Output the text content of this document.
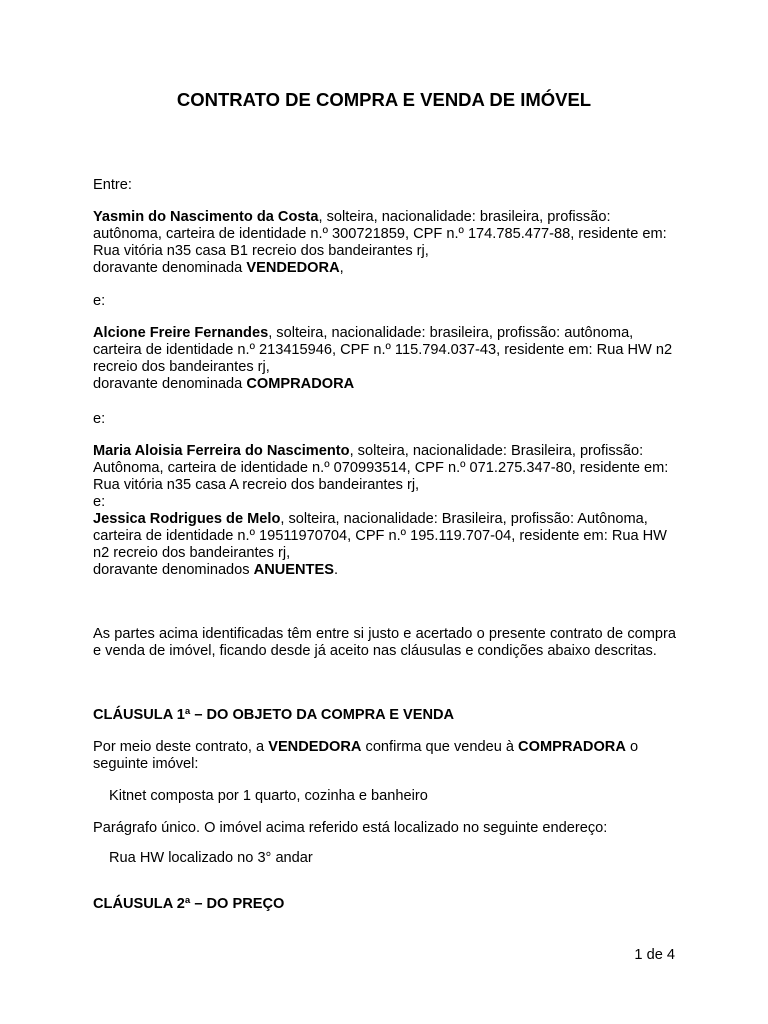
CONTRATO DE COMPRA E VENDA DE IMÓVEL

Entre:

Yasmin do Nascimento da Costa, solteira, nacionalidade: brasileira, profissão: autônoma, carteira de identidade n.º 300721859, CPF n.º 174.785.477-88, residente em: Rua vitória n35 casa B1 recreio dos bandeirantes rj,
doravante denominada VENDEDORA,

e:

Alcione Freire Fernandes, solteira, nacionalidade: brasileira, profissão: autônoma, carteira de identidade n.º 213415946, CPF n.º 115.794.037-43, residente em: Rua HW n2 recreio dos bandeirantes rj,
doravante denominada COMPRADORA

e:

Maria Aloisia Ferreira do Nascimento, solteira, nacionalidade: Brasileira, profissão: Autônoma, carteira de identidade n.º 070993514, CPF n.º 071.275.347-80, residente em: Rua vitória n35 casa A recreio dos bandeirantes rj,
e:
Jessica Rodrigues de Melo, solteira, nacionalidade: Brasileira, profissão: Autônoma, carteira de identidade n.º 19511970704, CPF n.º 195.119.707-04, residente em: Rua HW n2 recreio dos bandeirantes rj,
doravante denominados ANUENTES.

As partes acima identificadas têm entre si justo e acertado o presente contrato de compra e venda de imóvel, ficando desde já aceito nas cláusulas e condições abaixo descritas.

CLÁUSULA 1ª – DO OBJETO DA COMPRA E VENDA

Por meio deste contrato, a VENDEDORA confirma que vendeu à COMPRADORA o seguinte imóvel:

Kitnet composta por 1 quarto, cozinha e banheiro

Parágrafo único. O imóvel acima referido está localizado no seguinte endereço:

Rua HW localizado no 3° andar

CLÁUSULA 2ª – DO PREÇO

1 de 4
